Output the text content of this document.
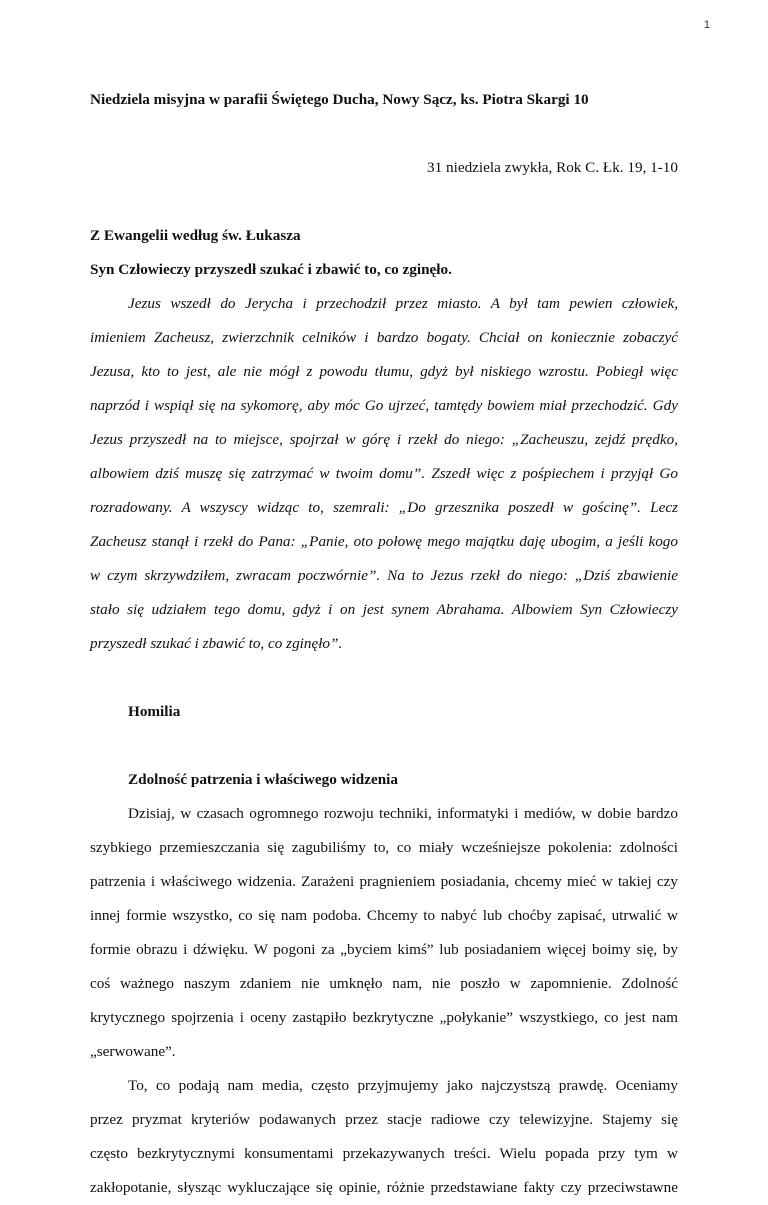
1
Niedziela misyjna w parafii Świętego Ducha, Nowy Sącz, ks. Piotra Skargi 10
31 niedziela zwykła, Rok C. Łk. 19, 1-10
Z Ewangelii według św. Łukasza
Syn Człowieczy przyszedł szukać i zbawić to, co zginęło.
Jezus wszedł do Jerycha i przechodził przez miasto. A był tam pewien człowiek,
imieniem Zacheusz, zwierzchnik celników i bardzo bogaty. Chciał on koniecznie zobaczyć
Jezusa, kto to jest, ale nie mógł z powodu tłumu, gdyż był niskiego wzrostu. Pobiegł więc
naprzód i wspiął się na sykomorę, aby móc Go ujrzeć, tamtędy bowiem miał przechodzić. Gdy
Jezus przyszedł na to miejsce, spojrzał w górę i rzekł do niego: „Zacheuszu, zejdź prędko,
albowiem dziś muszę się zatrzymać w twoim domu”. Zszedł więc z pośpiechem i przyjął Go
rozradowany. A wszyscy widząc to, szemrali: „Do grzesznika poszedł w gościnę”. Lecz
Zacheusz stanął i rzekł do Pana: „Panie, oto połowę mego majątku daję ubogim, a jeśli kogo
w czym skrzywdziłem, zwracam poczwórnie”. Na to Jezus rzekł do niego: „Dziś zbawienie
stało się udziałem tego domu, gdyż i on jest synem Abrahama. Albowiem Syn Człowieczy
przyszedł szukać i zbawić to, co zginęło”.
Homilia
Zdolność patrzenia i właściwego widzenia
Dzisiaj, w czasach ogromnego rozwoju techniki, informatyki i mediów, w dobie bardzo
szybkiego przemieszczania się zagubiliśmy to, co miały wcześniejsze pokolenia: zdolności
patrzenia i właściwego widzenia. Zarażeni pragnieniem posiadania, chcemy mieć w takiej czy
innej formie wszystko, co się nam podoba. Chcemy to nabyć lub choćby zapisać, utrwalić w
formie obrazu i dźwięku. W pogoni za „byciem kimś” lub posiadaniem więcej boimy się, by
coś ważnego naszym zdaniem nie umknęło nam, nie poszło w zapomnienie. Zdolność
krytycznego spojrzenia i oceny zastąpiło bezkrytyczne „połykanie” wszystkiego, co jest nam
„serwowane”.
To, co podają nam media, często przyjmujemy jako najczystszą prawdę. Oceniamy
przez pryzmat kryteriów podawanych przez stacje radiowe czy telewizyjne. Stajemy się
często bezkrytycznymi konsumentami przekazywanych treści. Wielu popada przy tym w
zakłopotanie, słysząc wykluczające się opinie, różnie przedstawiane fakty czy przeciwstawne
